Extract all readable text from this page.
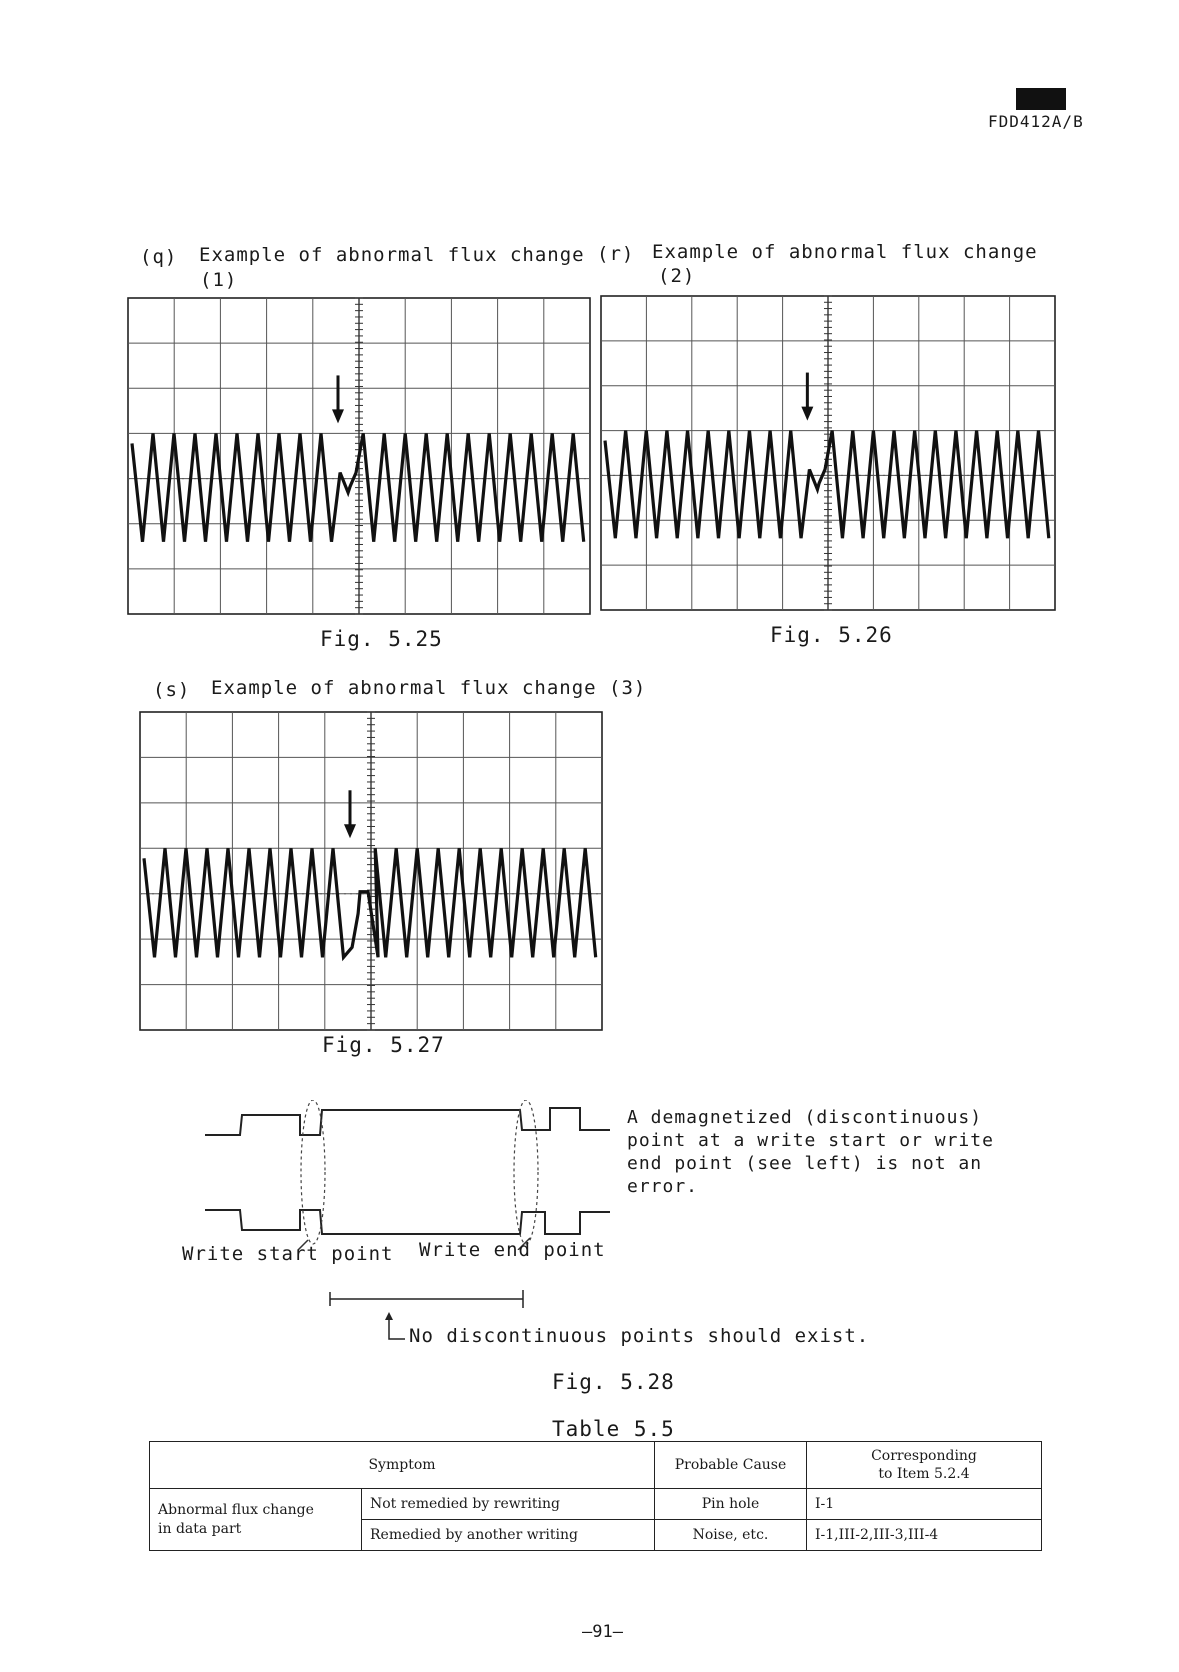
FDD412A/B
(q) Example of abnormal flux change
(1)
(r) Example of abnormal flux change
(2)
Fig. 5.25	Fig. 5.26
(s) Example of abnormal flux change (3)
Fig. 5.27
A demagnetized (discontinuous)
point at a write start or write
end point (see left) is not an
error.
Write start point Write end point
No discontinuous points should exist.
Fig. 5.28
Table 5.5
Symptom		Probable Cause	Corresponding
to Item 5.2.4

Abnormal flux change
in data part	Not remedied by rewriting	Pin hole	I-1
	Remedied by another writing	Noise, etc.	I-1,III-2,III-3,III-4
—91—
